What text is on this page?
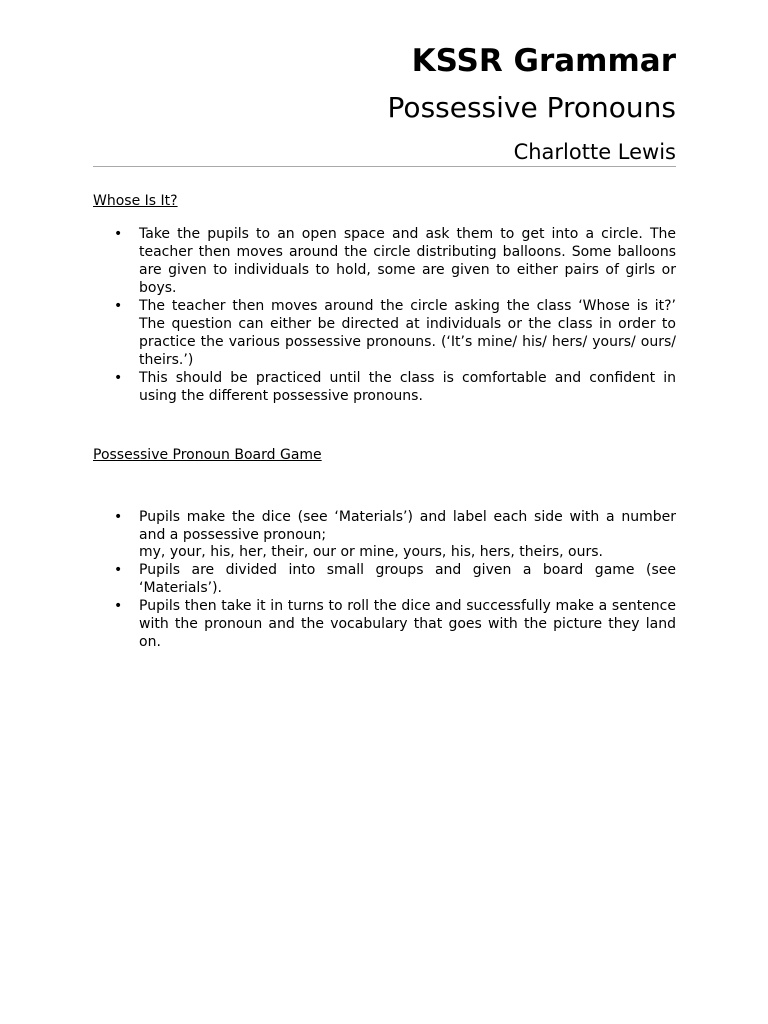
KSSR Grammar
Possessive Pronouns
Charlotte Lewis
Whose Is It?
• Take the pupils to an open space and ask them to get into a circle. The teacher then moves around the circle distributing balloons. Some balloons are given to individuals to hold, some are given to either pairs of girls or boys.
• The teacher then moves around the circle asking the class ‘Whose is it?’ The question can either be directed at individuals or the class in order to practice the various possessive pronouns. (‘It’s mine/ his/ hers/ yours/ ours/ theirs.’)
• This should be practiced until the class is comfortable and confident in using the different possessive pronouns.
Possessive Pronoun Board Game
• Pupils make the dice (see ‘Materials’) and label each side with a number and a possessive pronoun;
my, your, his, her, their, our or mine, yours, his, hers, theirs, ours.
• Pupils are divided into small groups and given a board game (see ‘Materials’).
• Pupils then take it in turns to roll the dice and successfully make a sentence with the pronoun and the vocabulary that goes with the picture they land on.
